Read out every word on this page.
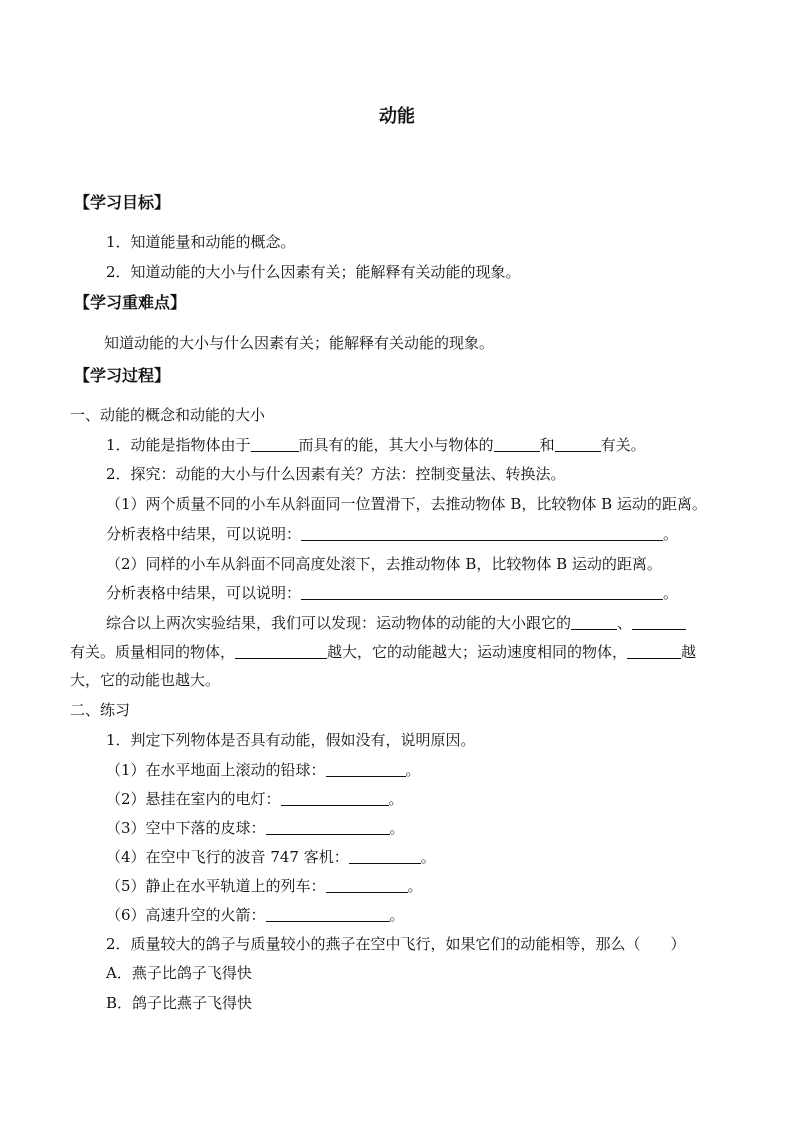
动能
【学习目标】
1．知道能量和动能的概念。
2．知道动能的大小与什么因素有关；能解释有关动能的现象。
【学习重难点】
知道动能的大小与什么因素有关；能解释有关动能的现象。
【学习过程】
一、动能的概念和动能的大小
1．动能是指物体由于	而具有的能，其大小与物体的	和	有关。
2．探究：动能的大小与什么因素有关？方法：控制变量法、转换法。
（1）两个质量不同的小车从斜面同一位置滑下，去推动物体 B，比较物体 B 运动的距离。
分析表格中结果，可以说明：	。
（2）同样的小车从斜面不同高度处滚下，去推动物体 B，比较物体 B 运动的距离。
分析表格中结果，可以说明：	。
综合以上两次实验结果，我们可以发现：运动物体的动能的大小跟它的	、
有关。质量相同的物体，	越大，它的动能越大；运动速度相同的物体，	越
大，它的动能也越大。
二、练习
1．判定下列物体是否具有动能，假如没有，说明原因。
（1）在水平地面上滚动的铅球：	。
（2）悬挂在室内的电灯：	。
（3）空中下落的皮球：	。
（4）在空中飞行的波音 747 客机：	。
（5）静止在水平轨道上的列车：	。
（6）高速升空的火箭：	。
2．质量较大的鸽子与质量较小的燕子在空中飞行，如果它们的动能相等，那么（　　）
A．燕子比鸽子飞得快
B．鸽子比燕子飞得快
